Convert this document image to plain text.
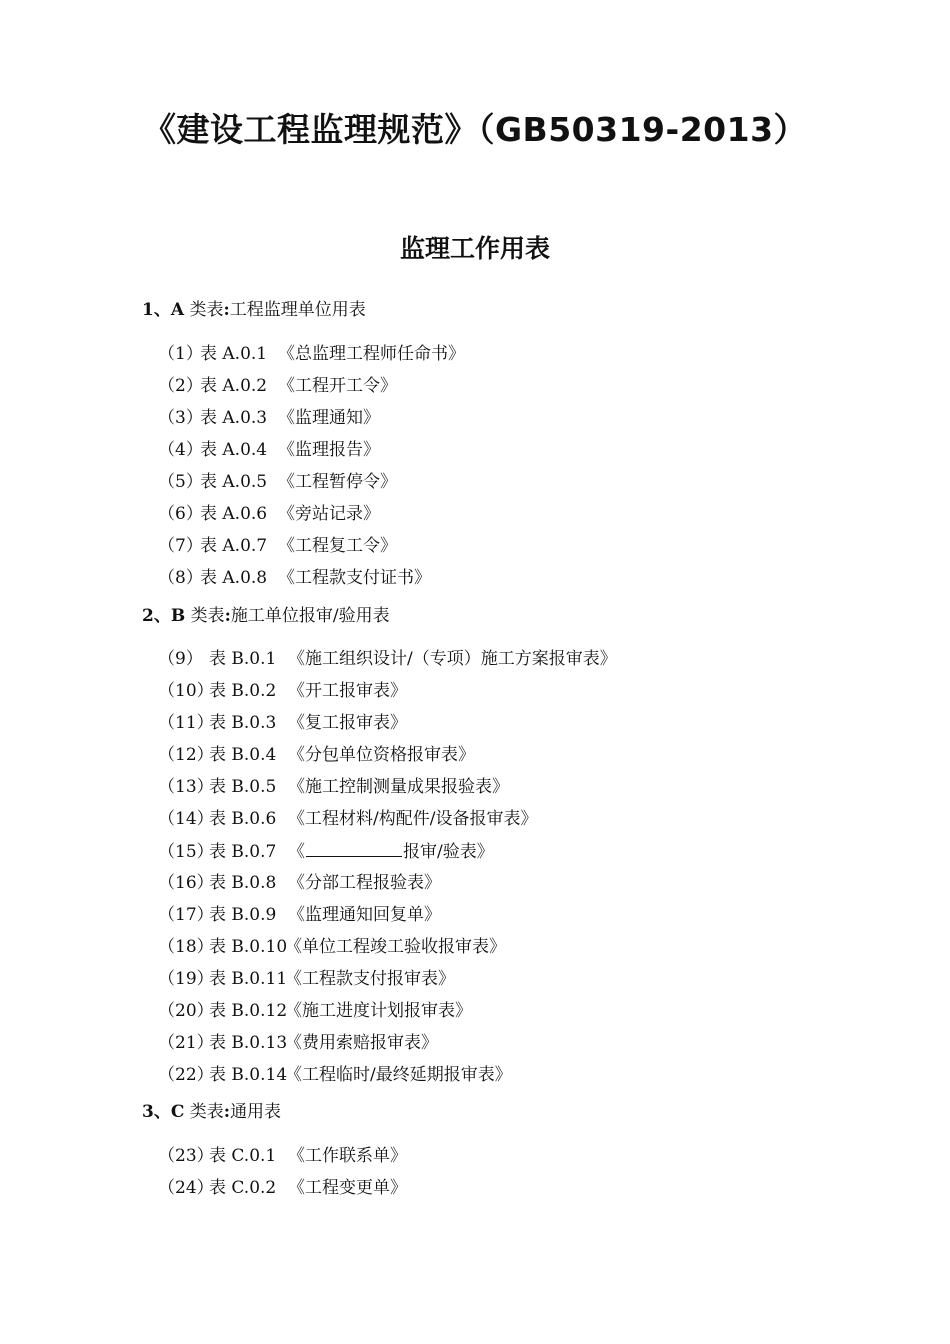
《建设工程监理规范》（GB50319-2013）
监理工作用表
1、A 类表:工程监理单位用表
（1）表 A.0.1 《总监理工程师任命书》
（2）表 A.0.2 《工程开工令》
（3）表 A.0.3 《监理通知》
（4）表 A.0.4 《监理报告》
（5）表 A.0.5 《工程暂停令》
（6）表 A.0.6 《旁站记录》
（7）表 A.0.7 《工程复工令》
（8）表 A.0.8 《工程款支付证书》
2、B 类表:施工单位报审/验用表
（9） 表 B.0.1 《施工组织设计/（专项）施工方案报审表》
（10）表 B.0.2 《开工报审表》
（11）表 B.0.3 《复工报审表》
（12）表 B.0.4 《分包单位资格报审表》
（13）表 B.0.5 《施工控制测量成果报验表》
（14）表 B.0.6 《工程材料/构配件/设备报审表》
（15）表 B.0.7 《	报审/验表》
（16）表 B.0.8 《分部工程报验表》
（17）表 B.0.9 《监理通知回复单》
（18）表 B.0.10《单位工程竣工验收报审表》
（19）表 B.0.11《工程款支付报审表》
（20）表 B.0.12《施工进度计划报审表》
（21）表 B.0.13《费用索赔报审表》
（22）表 B.0.14《工程临时/最终延期报审表》
3、C 类表:通用表
（23）表 C.0.1 《工作联系单》
（24）表 C.0.2 《工程变更单》
